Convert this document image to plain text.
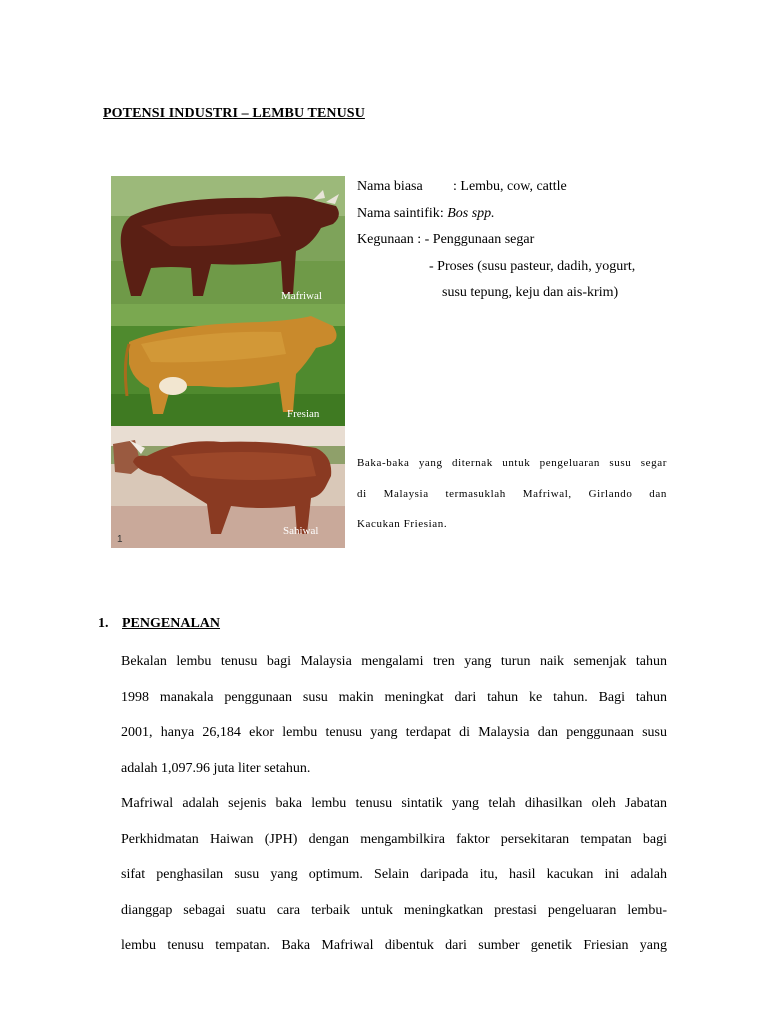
POTENSI INDUSTRI – LEMBU TENUSU
Mafriwal
Fresian
1
Sahiwal
Nama biasa : Lembu, cow, cattle
Nama saintifik: Bos spp.
Kegunaan : - Penggunaan segar
- Proses (susu pasteur, dadih, yogurt,
susu tepung, keju dan ais-krim)
Baka-baka yang diternak untuk pengeluaran susu segar
di Malaysia termasuklah Mafriwal, Girlando dan
Kacukan Friesian.
1. PENGENALAN
Bekalan lembu tenusu bagi Malaysia mengalami tren yang turun naik semenjak tahun
1998 manakala penggunaan susu makin meningkat dari tahun ke tahun. Bagi tahun
2001, hanya 26,184 ekor lembu tenusu yang terdapat di Malaysia dan penggunaan susu
adalah 1,097.96 juta liter setahun.
Mafriwal adalah sejenis baka lembu tenusu sintatik yang telah dihasilkan oleh Jabatan
Perkhidmatan Haiwan (JPH) dengan mengambilkira faktor persekitaran tempatan bagi
sifat penghasilan susu yang optimum. Selain daripada itu, hasil kacukan ini adalah
dianggap sebagai suatu cara terbaik untuk meningkatkan prestasi pengeluaran lembu-
lembu tenusu tempatan. Baka Mafriwal dibentuk dari sumber genetik Friesian yang
